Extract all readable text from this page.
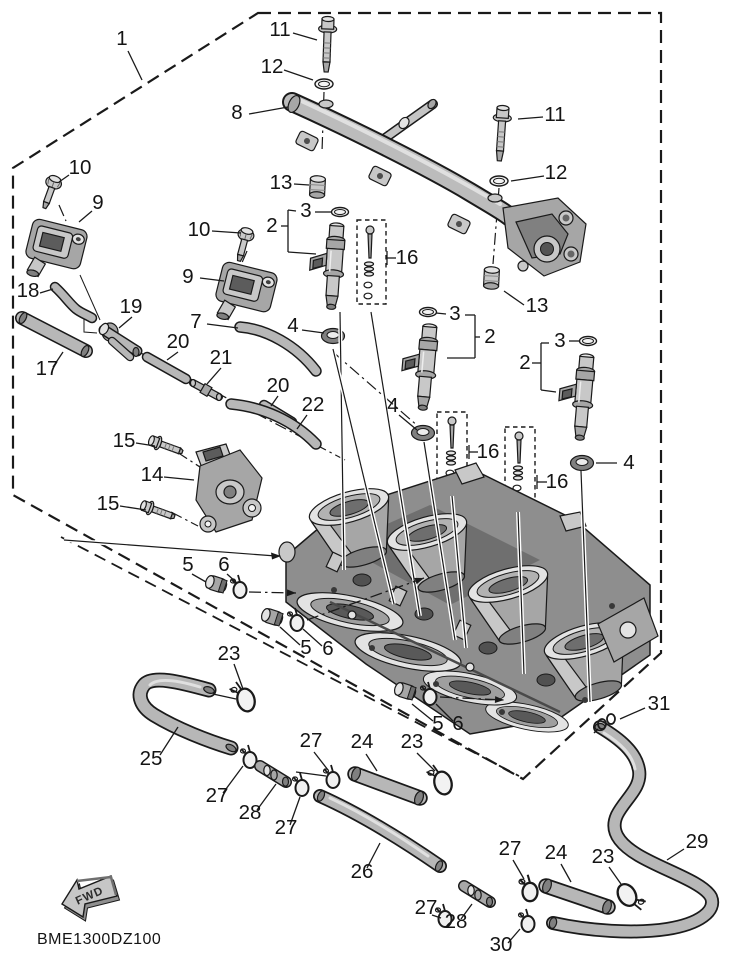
1	11
12
8	11
12
13
10
9
10
9
2
3
16
13
18
19
7
17
20
21
20
22
4
3
2
16
16
2
3
4
4
15
14
15
5 6
5 6
5 6
23
25
27
28
27
27 24 23
31
29
26
27 24 23
27
28
30
FWD
BME1300DZ100
